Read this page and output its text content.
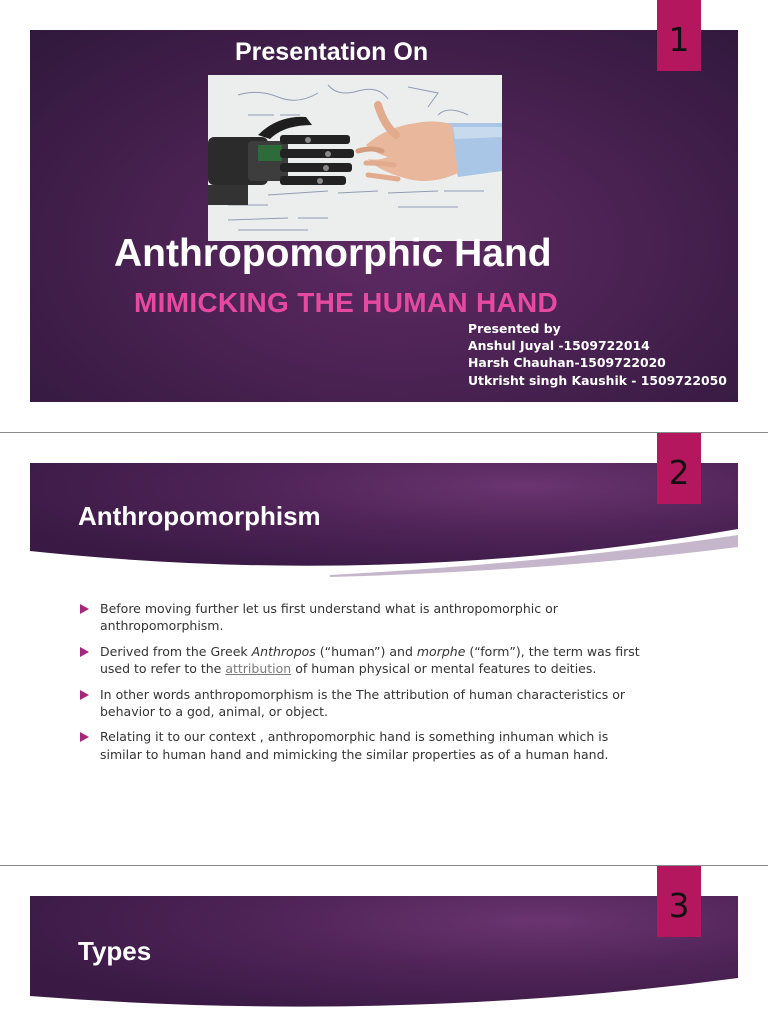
1
Presentation On
Anthropomorphic Hand
MIMICKING THE HUMAN HAND
Presented by
Anshul Juyal -1509722014
Harsh Chauhan-1509722020
Utkrisht singh Kaushik - 1509722050
Anthropomorphism
2
Before moving further let us first understand what is anthropomorphic or anthropomorphism.
Derived from the Greek Anthropos (“human”) and morphe (“form”), the term was first used to refer to the attribution of human physical or mental features to deities.
In other words anthropomorphism is the The attribution of human characteristics or behavior to a god, animal, or object.
Relating it to our context , anthropomorphic hand is something inhuman which is similar to human hand and mimicking the similar properties as of a human hand.
Types
3
